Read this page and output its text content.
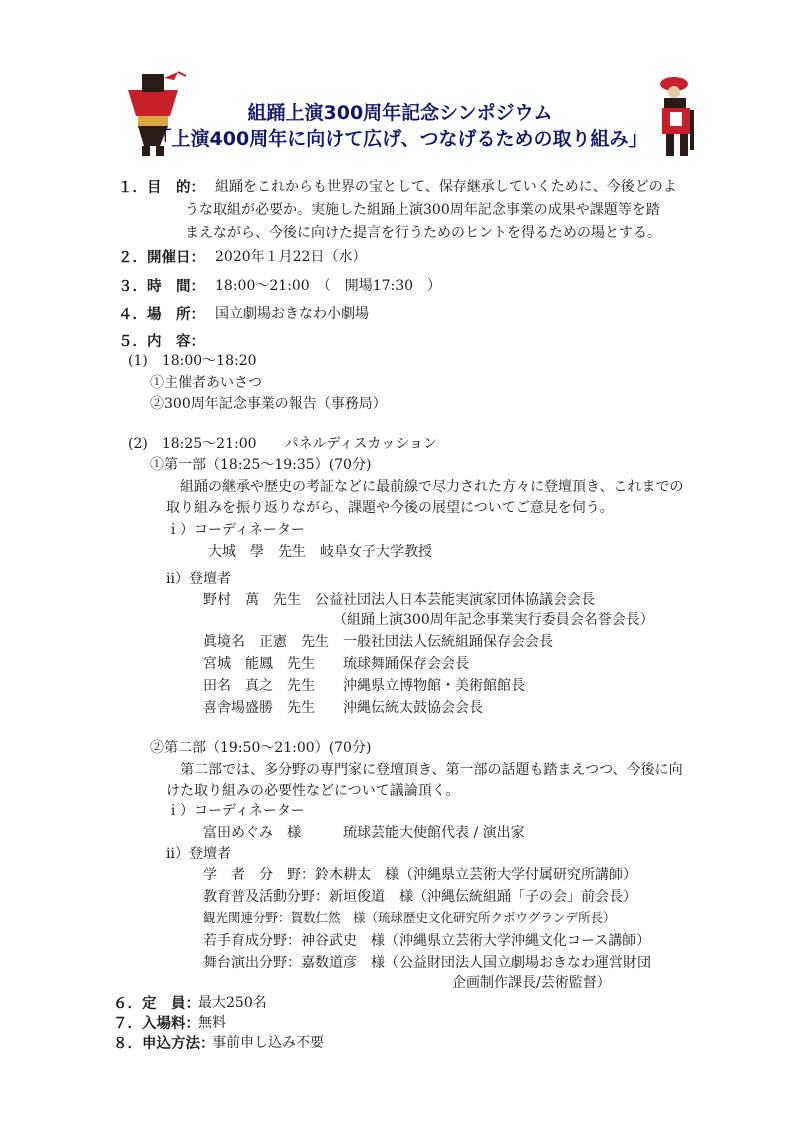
組踊上演300周年記念シンポジウム
「上演400周年に向けて広げ、つなげるための取り組み」
１．目　的： 組踊をこれからも世界の宝として、保存継承していくために、今後どのよ
うな取組が必要か。実施した組踊上演300周年記念事業の成果や課題等を踏
まえながら、今後に向けた提言を行うためのヒントを得るための場とする。
２．開催日： 2020年１月22日（水）
３．時　間： 18:00～21:00　（　開場17:30　）
４．場　所： 国立劇場おきなわ小劇場
５．内　容：
(1)　18:00～18:20
①主催者あいさつ
②300周年記念事業の報告（事務局）
(2)　18:25～21:00　　パネルディスカッション
①第一部（18:25～19:35）(70分)
組踊の継承や歴史の考証などに最前線で尽力された方々に登壇頂き、これまでの
取り組みを振り返りながら、課題や今後の展望についてご意見を伺う。
ｉ）コーディネーター
大城　學　先生　岐阜女子大学教授
ⅱ）登壇者
野村　萬　先生　公益社団法人日本芸能実演家団体協議会会長
（組踊上演300周年記念事業実行委員会名誉会長）
眞境名　正憲　先生　一般社団法人伝統組踊保存会会長
宮城　能鳳　先生　　琉球舞踊保存会会長
田名　真之　先生　　沖縄県立博物館・美術館館長
喜舎場盛勝　先生　　沖縄伝統太鼓協会会長
②第二部（19:50～21:00）(70分)
第二部では、多分野の専門家に登壇頂き、第一部の話題も踏まえつつ、今後に向
けた取り組みの必要性などについて議論頂く。
ｉ）コーディネーター
富田めぐみ　様　　　琉球芸能大使館代表 / 演出家
ⅱ）登壇者
学　者　分　野：鈴木耕太　様（沖縄県立芸術大学付属研究所講師）
教育普及活動分野：新垣俊道　様（沖縄伝統組踊「子の会」前会長）
観光関連分野：賀数仁然　様（琉球歴史文化研究所クボウグランデ所長）
若手育成分野：神谷武史　様（沖縄県立芸術大学沖縄文化コース講師）
舞台演出分野：嘉数道彦　様（公益財団法人国立劇場おきなわ運営財団
企画制作課長/芸術監督）
６．定　員：
最大250名
７．入場料：
無料
８．申込方法：
事前申し込み不要
